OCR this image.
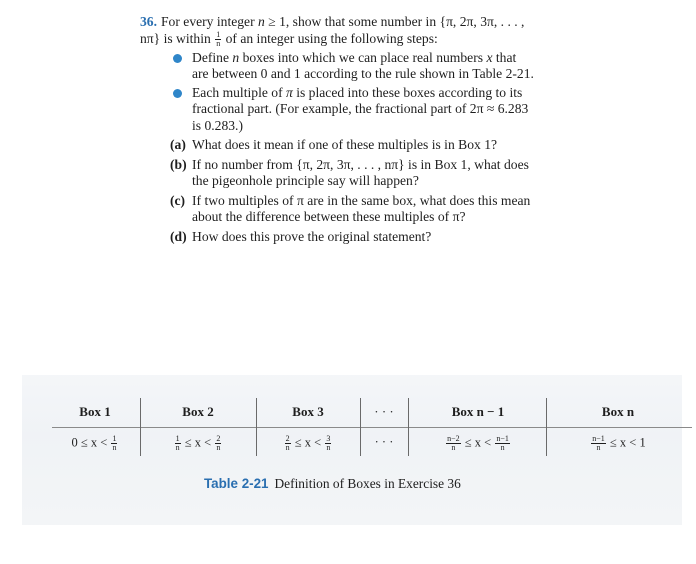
36. For every integer n ≥ 1, show that some number in {π, 2π, 3π, . . . , nπ} is within $\frac{1}{n}$ of an integer using the following steps:
Define n boxes into which we can place real numbers x that are between 0 and 1 according to the rule shown in Table 2-21.
Each multiple of π is placed into these boxes according to its fractional part. (For example, the fractional part of 2π ≈ 6.283 is 0.283.)
(a) What does it mean if one of these multiples is in Box 1?
(b) If no number from {π, 2π, 3π, . . . , nπ} is in Box 1, what does the pigeonhole principle say will happen?
(c) If two multiples of π are in the same box, what does this mean about the difference between these multiples of π?
(d) How does this prove the original statement?
Box 1	Box 2	Box 3	· · ·	Box n − 1	Box n
$0 \le x < \frac{1}{n}$	$\frac{1}{n} \le x < \frac{2}{n}$	$\frac{2}{n} \le x < \frac{3}{n}$	· · ·	$\frac{n-2}{n} \le x < \frac{n-1}{n}$	$\frac{n-1}{n} \le x < 1$
Table 2-21 Definition of Boxes in Exercise 36
